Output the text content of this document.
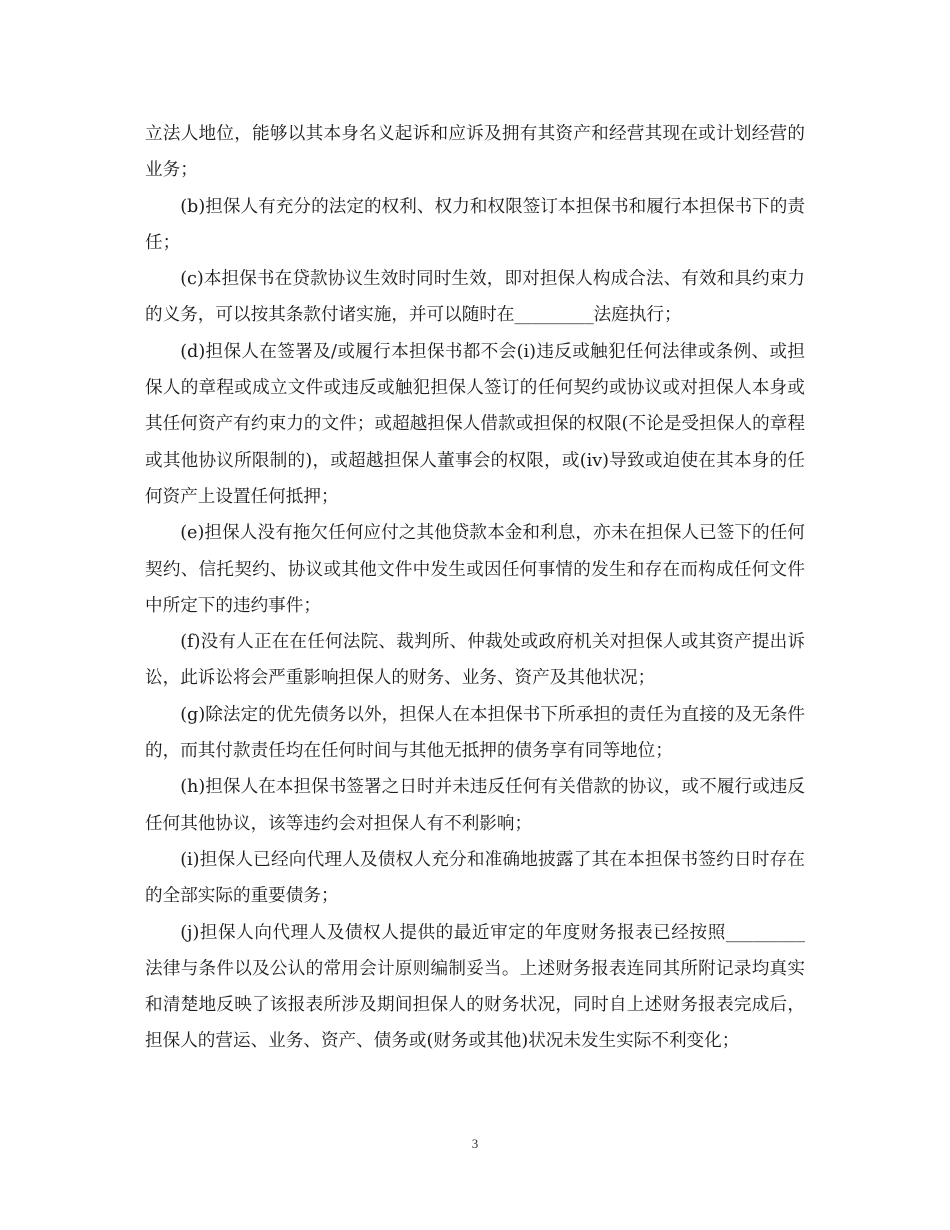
立法人地位，能够以其本身名义起诉和应诉及拥有其资产和经营其现在或计划经营的业务；

(b)担保人有充分的法定的权利、权力和权限签订本担保书和履行本担保书下的责任；

(c)本担保书在贷款协议生效时同时生效，即对担保人构成合法、有效和具约束力的义务，可以按其条款付诸实施，并可以随时在_________法庭执行；

(d)担保人在签署及/或履行本担保书都不会(i)违反或触犯任何法律或条例、或担保人的章程或成立文件或违反或触犯担保人签订的任何契约或协议或对担保人本身或其任何资产有约束力的文件；或超越担保人借款或担保的权限(不论是受担保人的章程或其他协议所限制的)，或超越担保人董事会的权限，或(iv)导致或迫使在其本身的任何资产上设置任何抵押；

(e)担保人没有拖欠任何应付之其他贷款本金和利息，亦未在担保人已签下的任何契约、信托契约、协议或其他文件中发生或因任何事情的发生和存在而构成任何文件中所定下的违约事件；

(f)没有人正在在任何法院、裁判所、仲裁处或政府机关对担保人或其资产提出诉讼，此诉讼将会严重影响担保人的财务、业务、资产及其他状况；

(g)除法定的优先债务以外，担保人在本担保书下所承担的责任为直接的及无条件的，而其付款责任均在任何时间与其他无抵押的债务享有同等地位；

(h)担保人在本担保书签署之日时并未违反任何有关借款的协议，或不履行或违反任何其他协议，该等违约会对担保人有不利影响；

(i)担保人已经向代理人及债权人充分和准确地披露了其在本担保书签约日时存在的全部实际的重要债务；

(j)担保人向代理人及债权人提供的最近审定的年度财务报表已经按照_________法律与条件以及公认的常用会计原则编制妥当。上述财务报表连同其所附记录均真实和清楚地反映了该报表所涉及期间担保人的财务状况，同时自上述财务报表完成后，担保人的营运、业务、资产、债务或(财务或其他)状况未发生实际不利变化；

3
